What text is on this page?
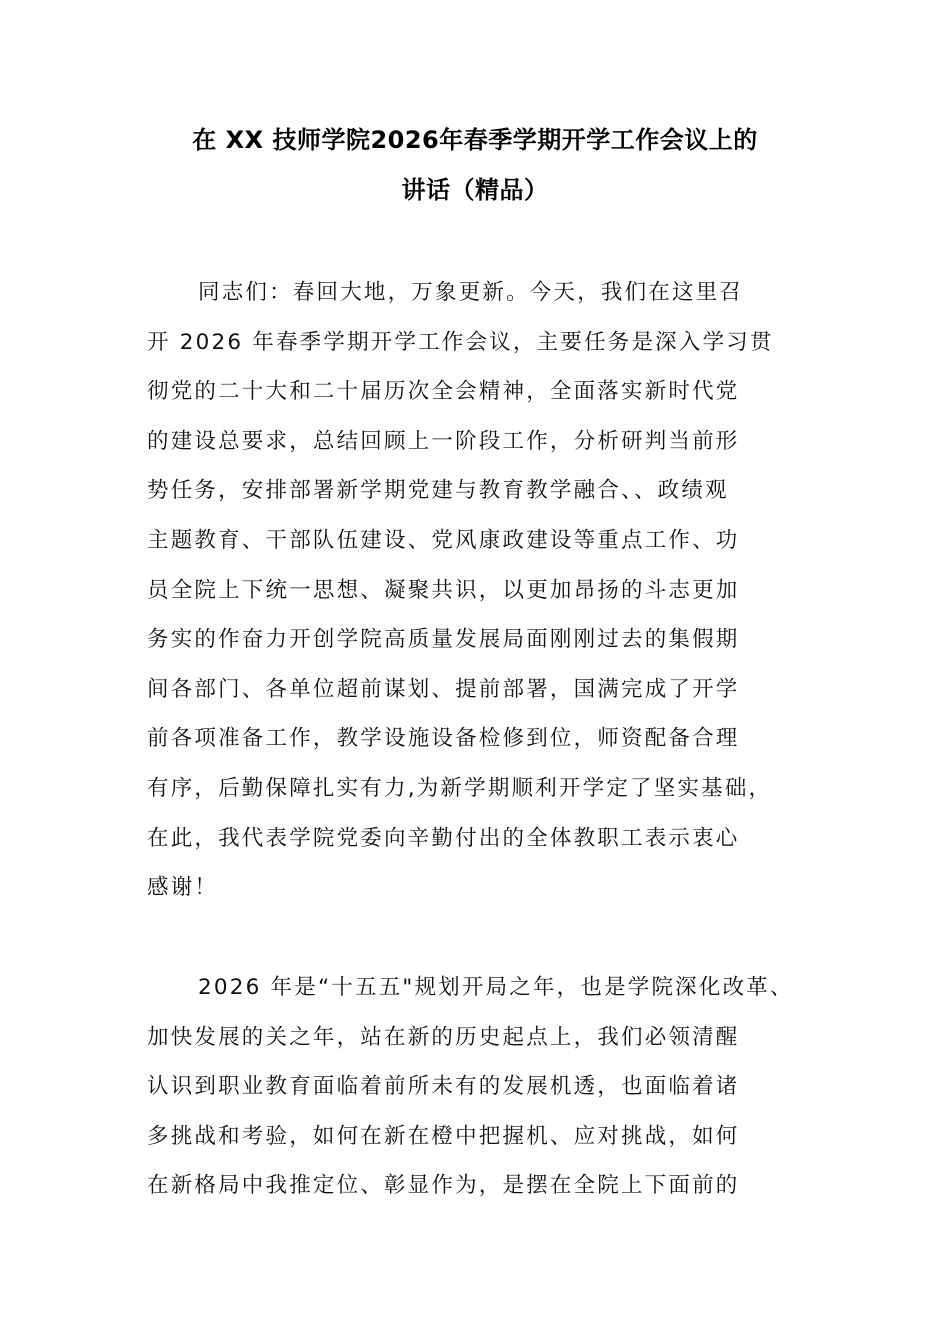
在 XX 技师学院2026年春季学期开学工作会议上的
讲话（精品）
同志们：春回大地，万象更新。今天，我们在这里召
开 2026 年春季学期开学工作会议，主要任务是深入学习贯
彻党的二十大和二十届历次全会精神，全面落实新时代党
的建设总要求，总结回顾上一阶段工作，分析研判当前形
势任务，安排部署新学期党建与教育教学融合、、政绩观
主题教育、干部队伍建设、党风康政建设等重点工作、功
员全院上下统一思想、凝聚共识，以更加昂扬的斗志更加
务实的作奋力开创学院高质量发展局面刚刚过去的集假期
间各部门、各单位超前谋划、提前部署，国满完成了开学
前各项准备工作，教学设施设备检修到位，师资配备合理
有序，后勤保障扎实有力,为新学期顺利开学定了坚实基础，
在此，我代表学院党委向辛勤付出的全体教职工表示衷心
感谢！
2026 年是“十五五"规划开局之年，也是学院深化改革、
加快发展的关之年，站在新的历史起点上，我们必领清醒
认识到职业教育面临着前所未有的发展机透，也面临着诸
多挑战和考验，如何在新在橙中把握机、应对挑战，如何
在新格局中我推定位、彰显作为，是摆在全院上下面前的
